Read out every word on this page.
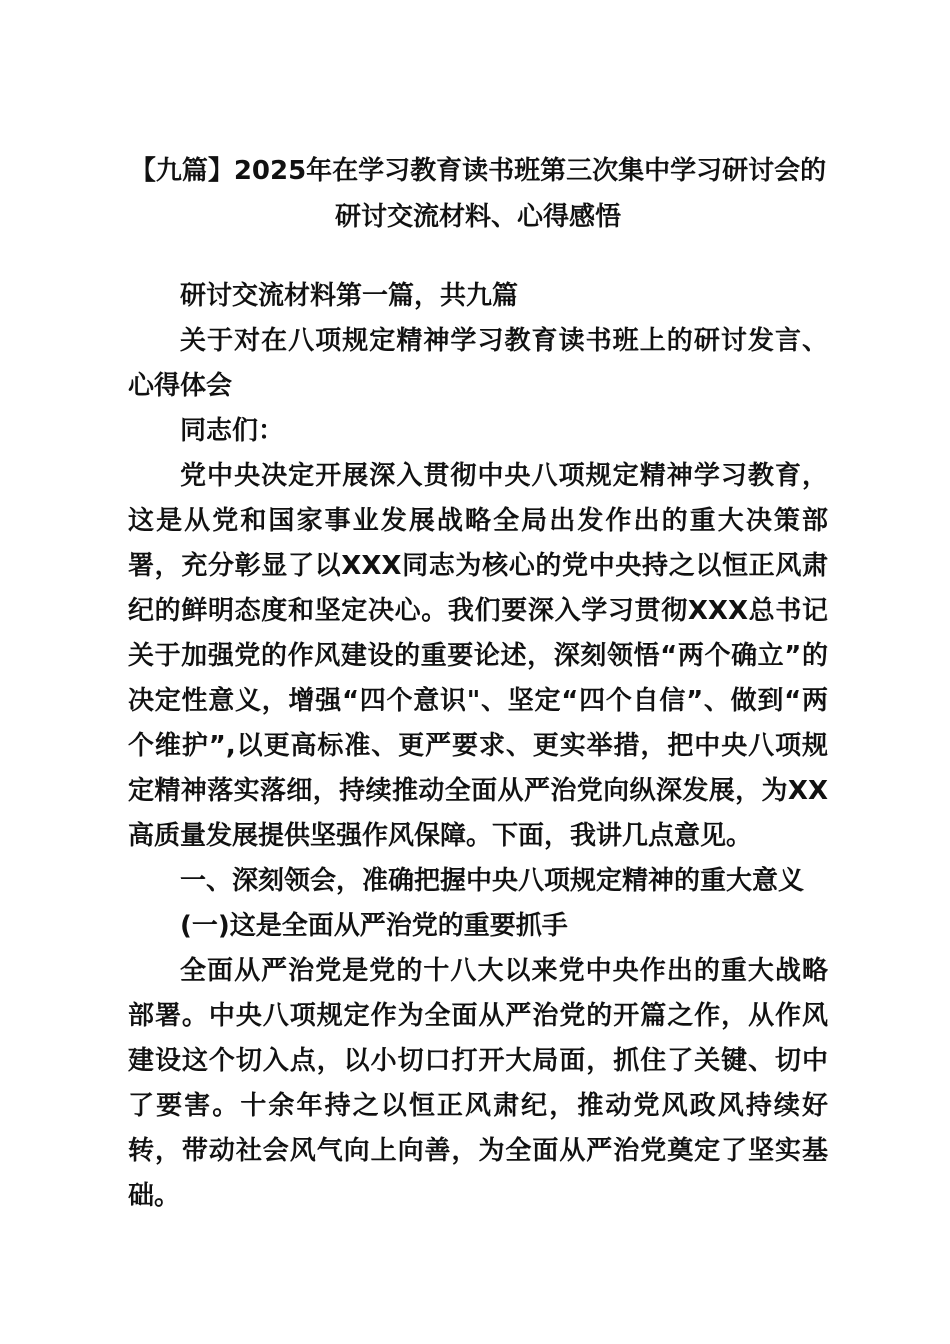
【九篇】2025年在学习教育读书班第三次集中学习研讨会的研讨交流材料、心得感悟

研讨交流材料第一篇，共九篇

关于对在八项规定精神学习教育读书班上的研讨发言、心得体会

同志们：

党中央决定开展深入贯彻中央八项规定精神学习教育，这是从党和国家事业发展战略全局出发作出的重大决策部署，充分彰显了以XXX同志为核心的党中央持之以恒正风肃纪的鲜明态度和坚定决心。我们要深入学习贯彻XXX总书记关于加强党的作风建设的重要论述，深刻领悟“两个确立”的决定性意义，增强“四个意识"、坚定“四个自信”、做到“两个维护”,以更高标准、更严要求、更实举措，把中央八项规定精神落实落细，持续推动全面从严治党向纵深发展，为XX高质量发展提供坚强作风保障。下面，我讲几点意见。

一、深刻领会，准确把握中央八项规定精神的重大意义

(一)这是全面从严治党的重要抓手

全面从严治党是党的十八大以来党中央作出的重大战略部署。中央八项规定作为全面从严治党的开篇之作，从作风建设这个切入点，以小切口打开大局面，抓住了关键、切中了要害。十余年持之以恒正风肃纪，推动党风政风持续好转，带动社会风气向上向善，为全面从严治党奠定了坚实基础。
